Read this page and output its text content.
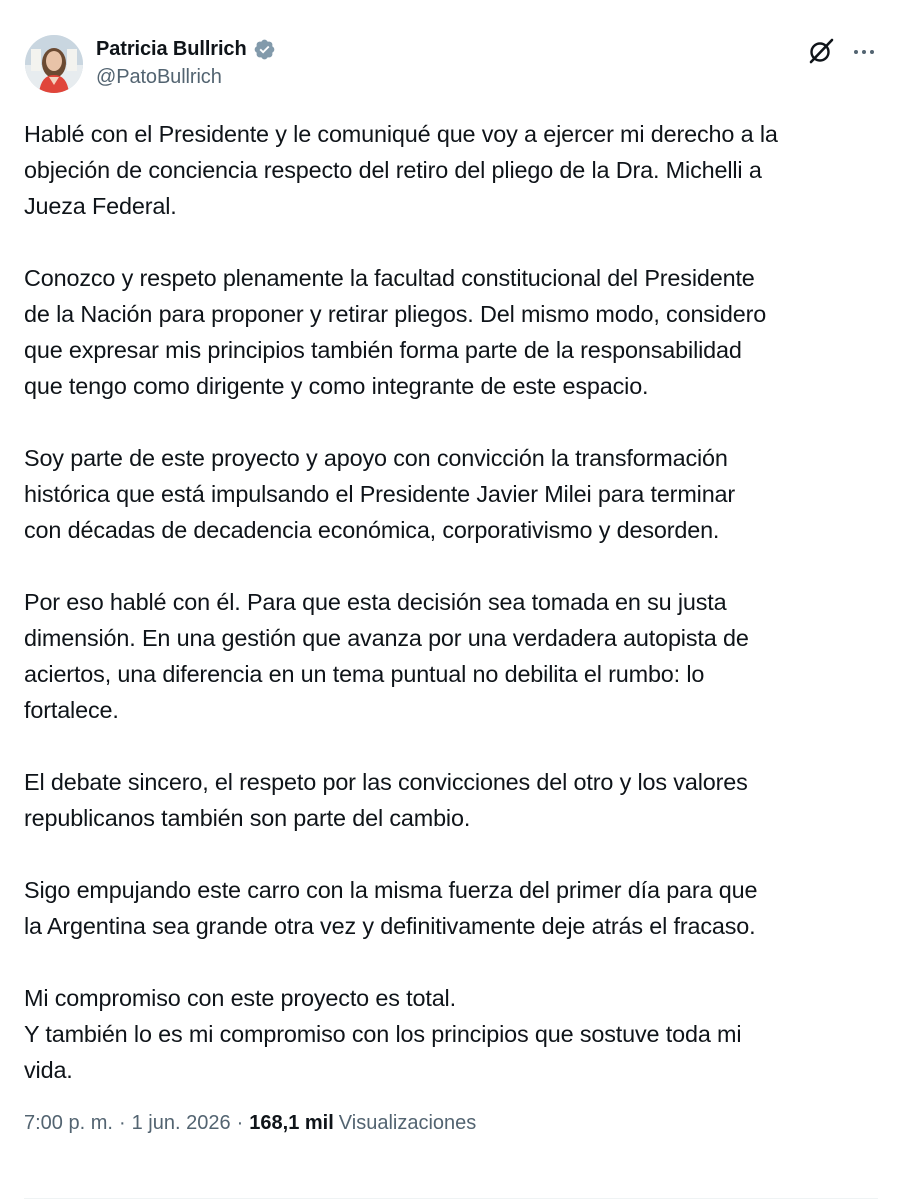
Patricia Bullrich
@PatoBullrich
Hablé con el Presidente y le comuniqué que voy a ejercer mi derecho a la
objeción de conciencia respecto del retiro del pliego de la Dra. Michelli a
Jueza Federal.

Conozco y respeto plenamente la facultad constitucional del Presidente
de la Nación para proponer y retirar pliegos. Del mismo modo, considero
que expresar mis principios también forma parte de la responsabilidad
que tengo como dirigente y como integrante de este espacio.

Soy parte de este proyecto y apoyo con convicción la transformación
histórica que está impulsando el Presidente Javier Milei para terminar
con décadas de decadencia económica, corporativismo y desorden.

Por eso hablé con él. Para que esta decisión sea tomada en su justa
dimensión. En una gestión que avanza por una verdadera autopista de
aciertos, una diferencia en un tema puntual no debilita el rumbo: lo
fortalece.

El debate sincero, el respeto por las convicciones del otro y los valores
republicanos también son parte del cambio.

Sigo empujando este carro con la misma fuerza del primer día para que
la Argentina sea grande otra vez y definitivamente deje atrás el fracaso.

Mi compromiso con este proyecto es total.
Y también lo es mi compromiso con los principios que sostuve toda mi
vida.
7:00 p. m. · 1 jun. 2026 · 168,1 mil Visualizaciones
